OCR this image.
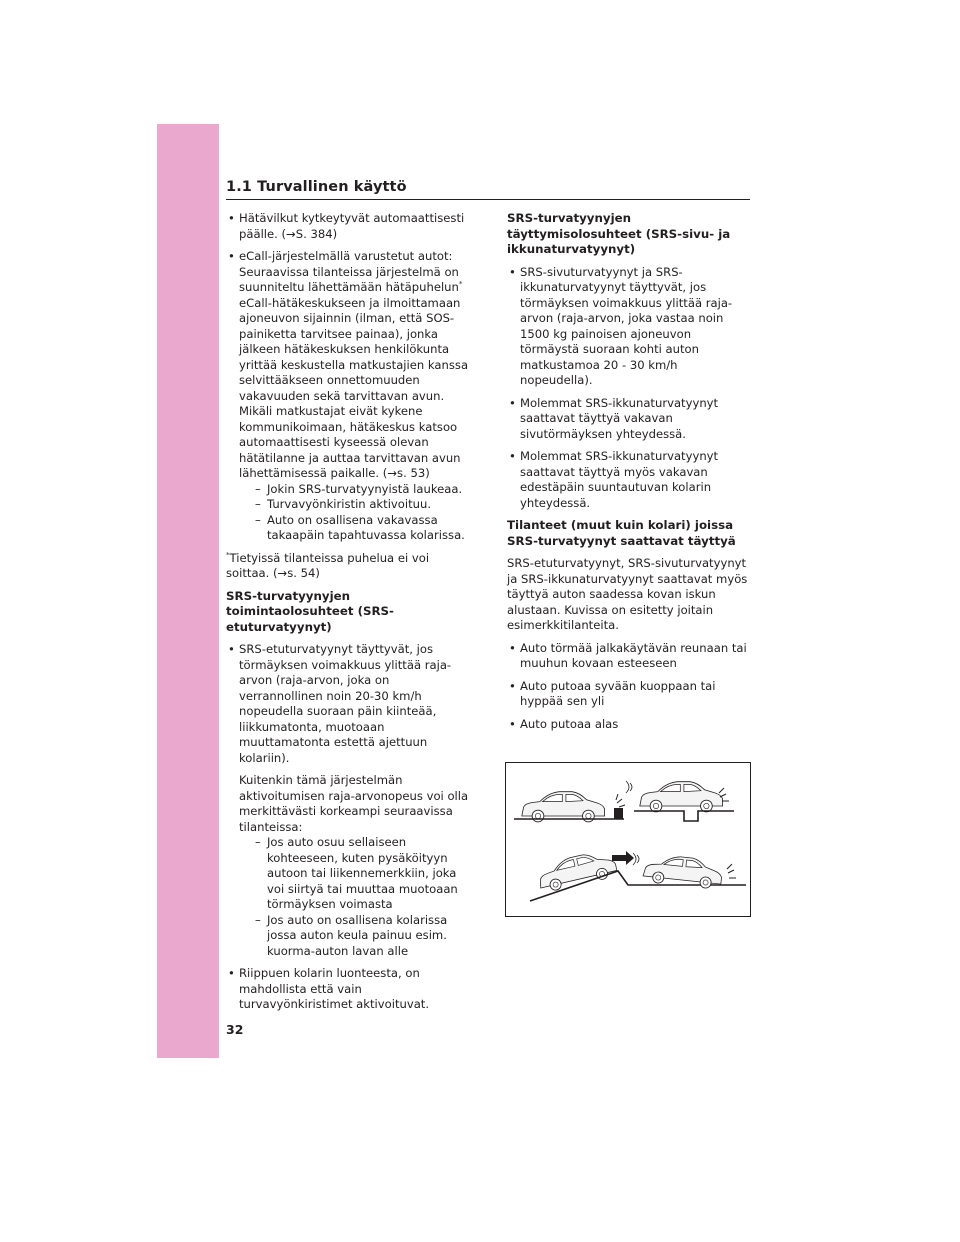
1.1 Turvallinen käyttö
• Hätävilkut kytkeytyvät automaattisesti päälle. (→S. 384)
• eCall-järjestelmällä varustetut autot: Seuraavissa tilanteissa järjestelmä on suunniteltu lähettämään hätäpuhelun* eCall-hätäkeskukseen ja ilmoittamaan ajoneuvon sijainnin (ilman, että SOS-painiketta tarvitsee painaa), jonka jälkeen hätäkeskuksen henkilökunta yrittää keskustella matkustajien kanssa selvittääkseen onnettomuuden vakavuuden sekä tarvittavan avun. Mikäli matkustajat eivät kykene kommunikoimaan, hätäkeskus katsoo automaattisesti kyseessä olevan hätätilanne ja auttaa tarvittavan avun lähettämisessä paikalle. (→s. 53)
– Jokin SRS-turvatyynyistä laukeaa.
– Turvavyönkiristin aktivoituu.
– Auto on osallisena vakavassa takaapäin tapahtuvassa kolarissa.

*Tietyissä tilanteissa puhelua ei voi soittaa. (→s. 54)

SRS-turvatyynyjen toimintaolosuhteet (SRS-etuturvatyynyt)
• SRS-etuturvatyynyt täyttyvät, jos törmäyksen voimakkuus ylittää raja-arvon (raja-arvon, joka on verrannollinen noin 20-30 km/h nopeudella suoraan päin kiinteää, liikkumatonta, muotoaan muuttamatonta estettä ajettuun kolariin).
Kuitenkin tämä järjestelmän aktivoitumisen raja-arvonopeus voi olla merkittävästi korkeampi seuraavissa tilanteissa:
– Jos auto osuu sellaiseen kohteeseen, kuten pysäköityyn autoon tai liikennemerkkiin, joka voi siirtyä tai muuttaa muotoaan törmäyksen voimasta
– Jos auto on osallisena kolarissa jossa auton keula painuu esim. kuorma-auton lavan alle
• Riippuen kolarin luonteesta, on mahdollista että vain turvavyönkiristimet aktivoituvat.
SRS-turvatyynyjen täyttymisolosuhteet (SRS-sivu- ja ikkunaturvatyynyt)
• SRS-sivuturvatyynyt ja SRS-ikkunaturvatyynyt täyttyvät, jos törmäyksen voimakkuus ylittää raja-arvon (raja-arvon, joka vastaa noin 1500 kg painoisen ajoneuvon törmäystä suoraan kohti auton matkustamoa 20 - 30 km/h nopeudella).
• Molemmat SRS-ikkunaturvatyynyt saattavat täyttyä vakavan sivutörmäyksen yhteydessä.
• Molemmat SRS-ikkunaturvatyynyt saattavat täyttyä myös vakavan edestäpäin suuntautuvan kolarin yhteydessä.
Tilanteet (muut kuin kolari) joissa SRS-turvatyynyt saattavat täyttyä

SRS-etuturvatyynyt, SRS-sivuturvatyynyt ja SRS-ikkunaturvatyynyt saattavat myös täyttyä auton saadessa kovan iskun alustaan. Kuvissa on esitetty joitain esimerkkitilanteita.

• Auto törmää jalkakäytävän reunaan tai muuhun kovaan esteeseen
• Auto putoaa syvään kuoppaan tai hyppää sen yli
• Auto putoaa alas
32
